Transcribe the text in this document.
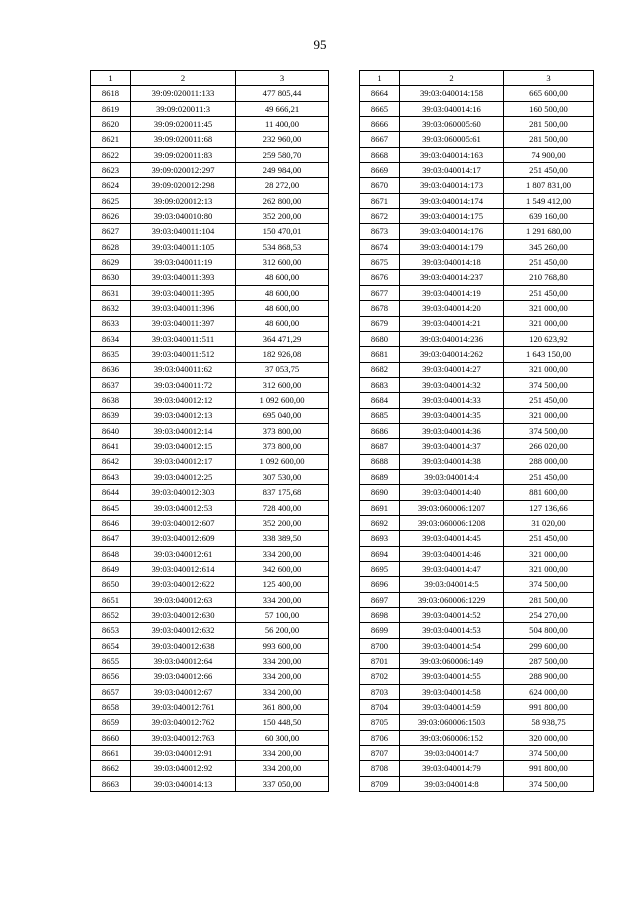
95
1	2	3
8618	39:09:020011:133	477 805,44
8619	39:09:020011:3	49 666,21
8620	39:09:020011:45	11 400,00
8621	39:09:020011:68	232 960,00
8622	39:09:020011:83	259 580,70
8623	39:09:020012:297	249 984,00
8624	39:09:020012:298	28 272,00
8625	39:09:020012:13	262 800,00
8626	39:03:040010:80	352 200,00
8627	39:03:040011:104	150 470,01
8628	39:03:040011:105	534 868,53
8629	39:03:040011:19	312 600,00
8630	39:03:040011:393	48 600,00
8631	39:03:040011:395	48 600,00
8632	39:03:040011:396	48 600,00
8633	39:03:040011:397	48 600,00
8634	39:03:040011:511	364 471,29
8635	39:03:040011:512	182 926,08
8636	39:03:040011:62	37 053,75
8637	39:03:040011:72	312 600,00
8638	39:03:040012:12	1 092 600,00
8639	39:03:040012:13	695 040,00
8640	39:03:040012:14	373 800,00
8641	39:03:040012:15	373 800,00
8642	39:03:040012:17	1 092 600,00
8643	39:03:040012:25	307 530,00
8644	39:03:040012:303	837 175,68
8645	39:03:040012:53	728 400,00
8646	39:03:040012:607	352 200,00
8647	39:03:040012:609	338 389,50
8648	39:03:040012:61	334 200,00
8649	39:03:040012:614	342 600,00
8650	39:03:040012:622	125 400,00
8651	39:03:040012:63	334 200,00
8652	39:03:040012:630	57 100,00
8653	39:03:040012:632	56 200,00
8654	39:03:040012:638	993 600,00
8655	39:03:040012:64	334 200,00
8656	39:03:040012:66	334 200,00
8657	39:03:040012:67	334 200,00
8658	39:03:040012:761	361 800,00
8659	39:03:040012:762	150 448,50
8660	39:03:040012:763	60 300,00
8661	39:03:040012:91	334 200,00
8662	39:03:040012:92	334 200,00
8663	39:03:040014:13	337 050,00
1	2	3
8664	39:03:040014:158	665 600,00
8665	39:03:040014:16	160 500,00
8666	39:03:060005:60	281 500,00
8667	39:03:060005:61	281 500,00
8668	39:03:040014:163	74 900,00
8669	39:03:040014:17	251 450,00
8670	39:03:040014:173	1 807 831,00
8671	39:03:040014:174	1 549 412,00
8672	39:03:040014:175	639 160,00
8673	39:03:040014:176	1 291 680,00
8674	39:03:040014:179	345 260,00
8675	39:03:040014:18	251 450,00
8676	39:03:040014:237	210 768,80
8677	39:03:040014:19	251 450,00
8678	39:03:040014:20	321 000,00
8679	39:03:040014:21	321 000,00
8680	39:03:040014:236	120 623,92
8681	39:03:040014:262	1 643 150,00
8682	39:03:040014:27	321 000,00
8683	39:03:040014:32	374 500,00
8684	39:03:040014:33	251 450,00
8685	39:03:040014:35	321 000,00
8686	39:03:040014:36	374 500,00
8687	39:03:040014:37	266 020,00
8688	39:03:040014:38	288 000,00
8689	39:03:040014:4	251 450,00
8690	39:03:040014:40	881 600,00
8691	39:03:060006:1207	127 136,66
8692	39:03:060006:1208	31 020,00
8693	39:03:040014:45	251 450,00
8694	39:03:040014:46	321 000,00
8695	39:03:040014:47	321 000,00
8696	39:03:040014:5	374 500,00
8697	39:03:060006:1229	281 500,00
8698	39:03:040014:52	254 270,00
8699	39:03:040014:53	504 800,00
8700	39:03:040014:54	299 600,00
8701	39:03:060006:149	287 500,00
8702	39:03:040014:55	288 900,00
8703	39:03:040014:58	624 000,00
8704	39:03:040014:59	991 800,00
8705	39:03:060006:1503	58 938,75
8706	39:03:060006:152	320 000,00
8707	39:03:040014:7	374 500,00
8708	39:03:040014:79	991 800,00
8709	39:03:040014:8	374 500,00
